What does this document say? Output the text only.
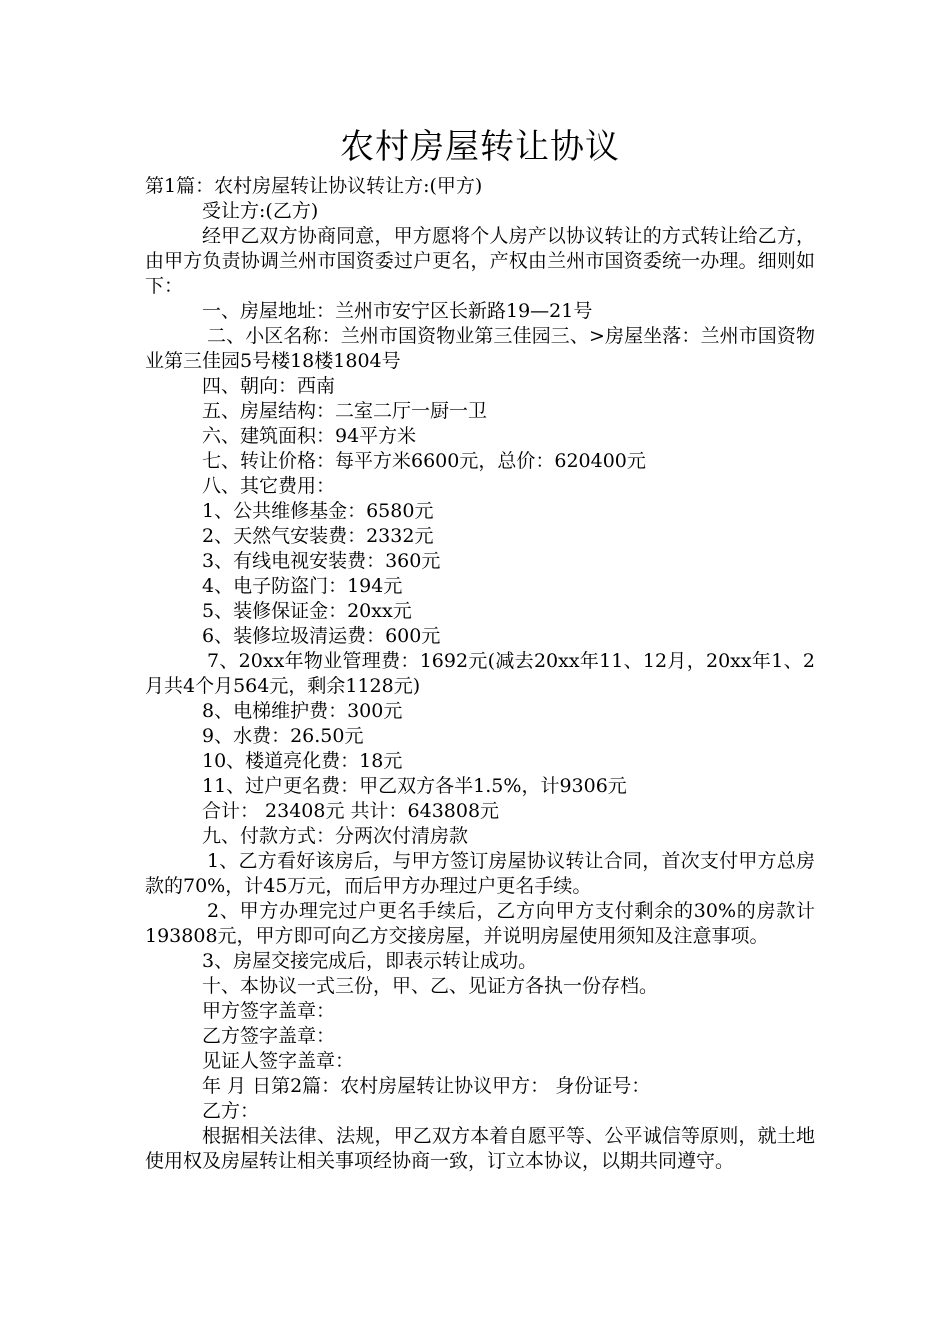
农村房屋转让协议

第1篇：农村房屋转让协议转让方:(甲方)

受让方:(乙方)

经甲乙双方协商同意，甲方愿将个人房产以协议转让的方式转让给乙方，由甲方负责协调兰州市国资委过户更名，产权由兰州市国资委统一办理。细则如下：

一、房屋地址：兰州市安宁区长新路19—21号

二、小区名称：兰州市国资物业第三佳园三、>房屋坐落：兰州市国资物业第三佳园5号楼18楼1804号

四、朝向：西南

五、房屋结构：二室二厅一厨一卫

六、建筑面积：94平方米

七、转让价格：每平方米6600元，总价：620400元

八、其它费用：

1、公共维修基金：6580元

2、天然气安装费：2332元

3、有线电视安装费：360元

4、电子防盗门：194元

5、装修保证金：20xx元

6、装修垃圾清运费：600元

7、20xx年物业管理费：1692元(减去20xx年11、12月，20xx年1、2月共4个月564元，剩余1128元)

8、电梯维护费：300元

9、水费：26.50元

10、楼道亮化费：18元

11、过户更名费：甲乙双方各半1.5%，计9306元

合计： 23408元 共计：643808元

九、付款方式：分两次付清房款

1、乙方看好该房后，与甲方签订房屋协议转让合同，首次支付甲方总房款的70%，计45万元，而后甲方办理过户更名手续。

2、甲方办理完过户更名手续后，乙方向甲方支付剩余的30%的房款计193808元，甲方即可向乙方交接房屋，并说明房屋使用须知及注意事项。

3、房屋交接完成后，即表示转让成功。

十、本协议一式三份，甲、乙、见证方各执一份存档。

甲方签字盖章：

乙方签字盖章：

见证人签字盖章：

年 月 日第2篇：农村房屋转让协议甲方： 身份证号：

乙方：

根据相关法律、法规，甲乙双方本着自愿平等、公平诚信等原则，就土地使用权及房屋转让相关事项经协商一致，订立本协议，以期共同遵守。
